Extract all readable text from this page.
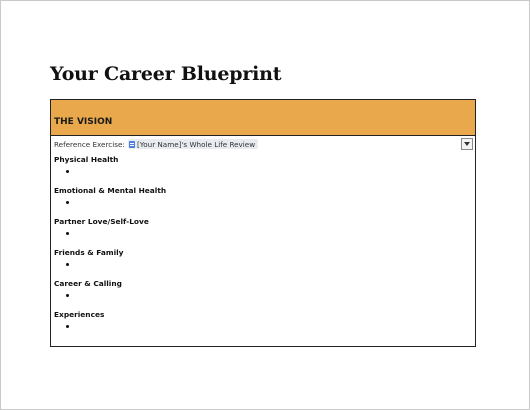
Your Career Blueprint
THE VISION
Reference Exercise: [Your Name]'s Whole Life Review
Physical Health
Emotional & Mental Health
Partner Love/Self-Love
Friends & Family
Career & Calling
Experiences
